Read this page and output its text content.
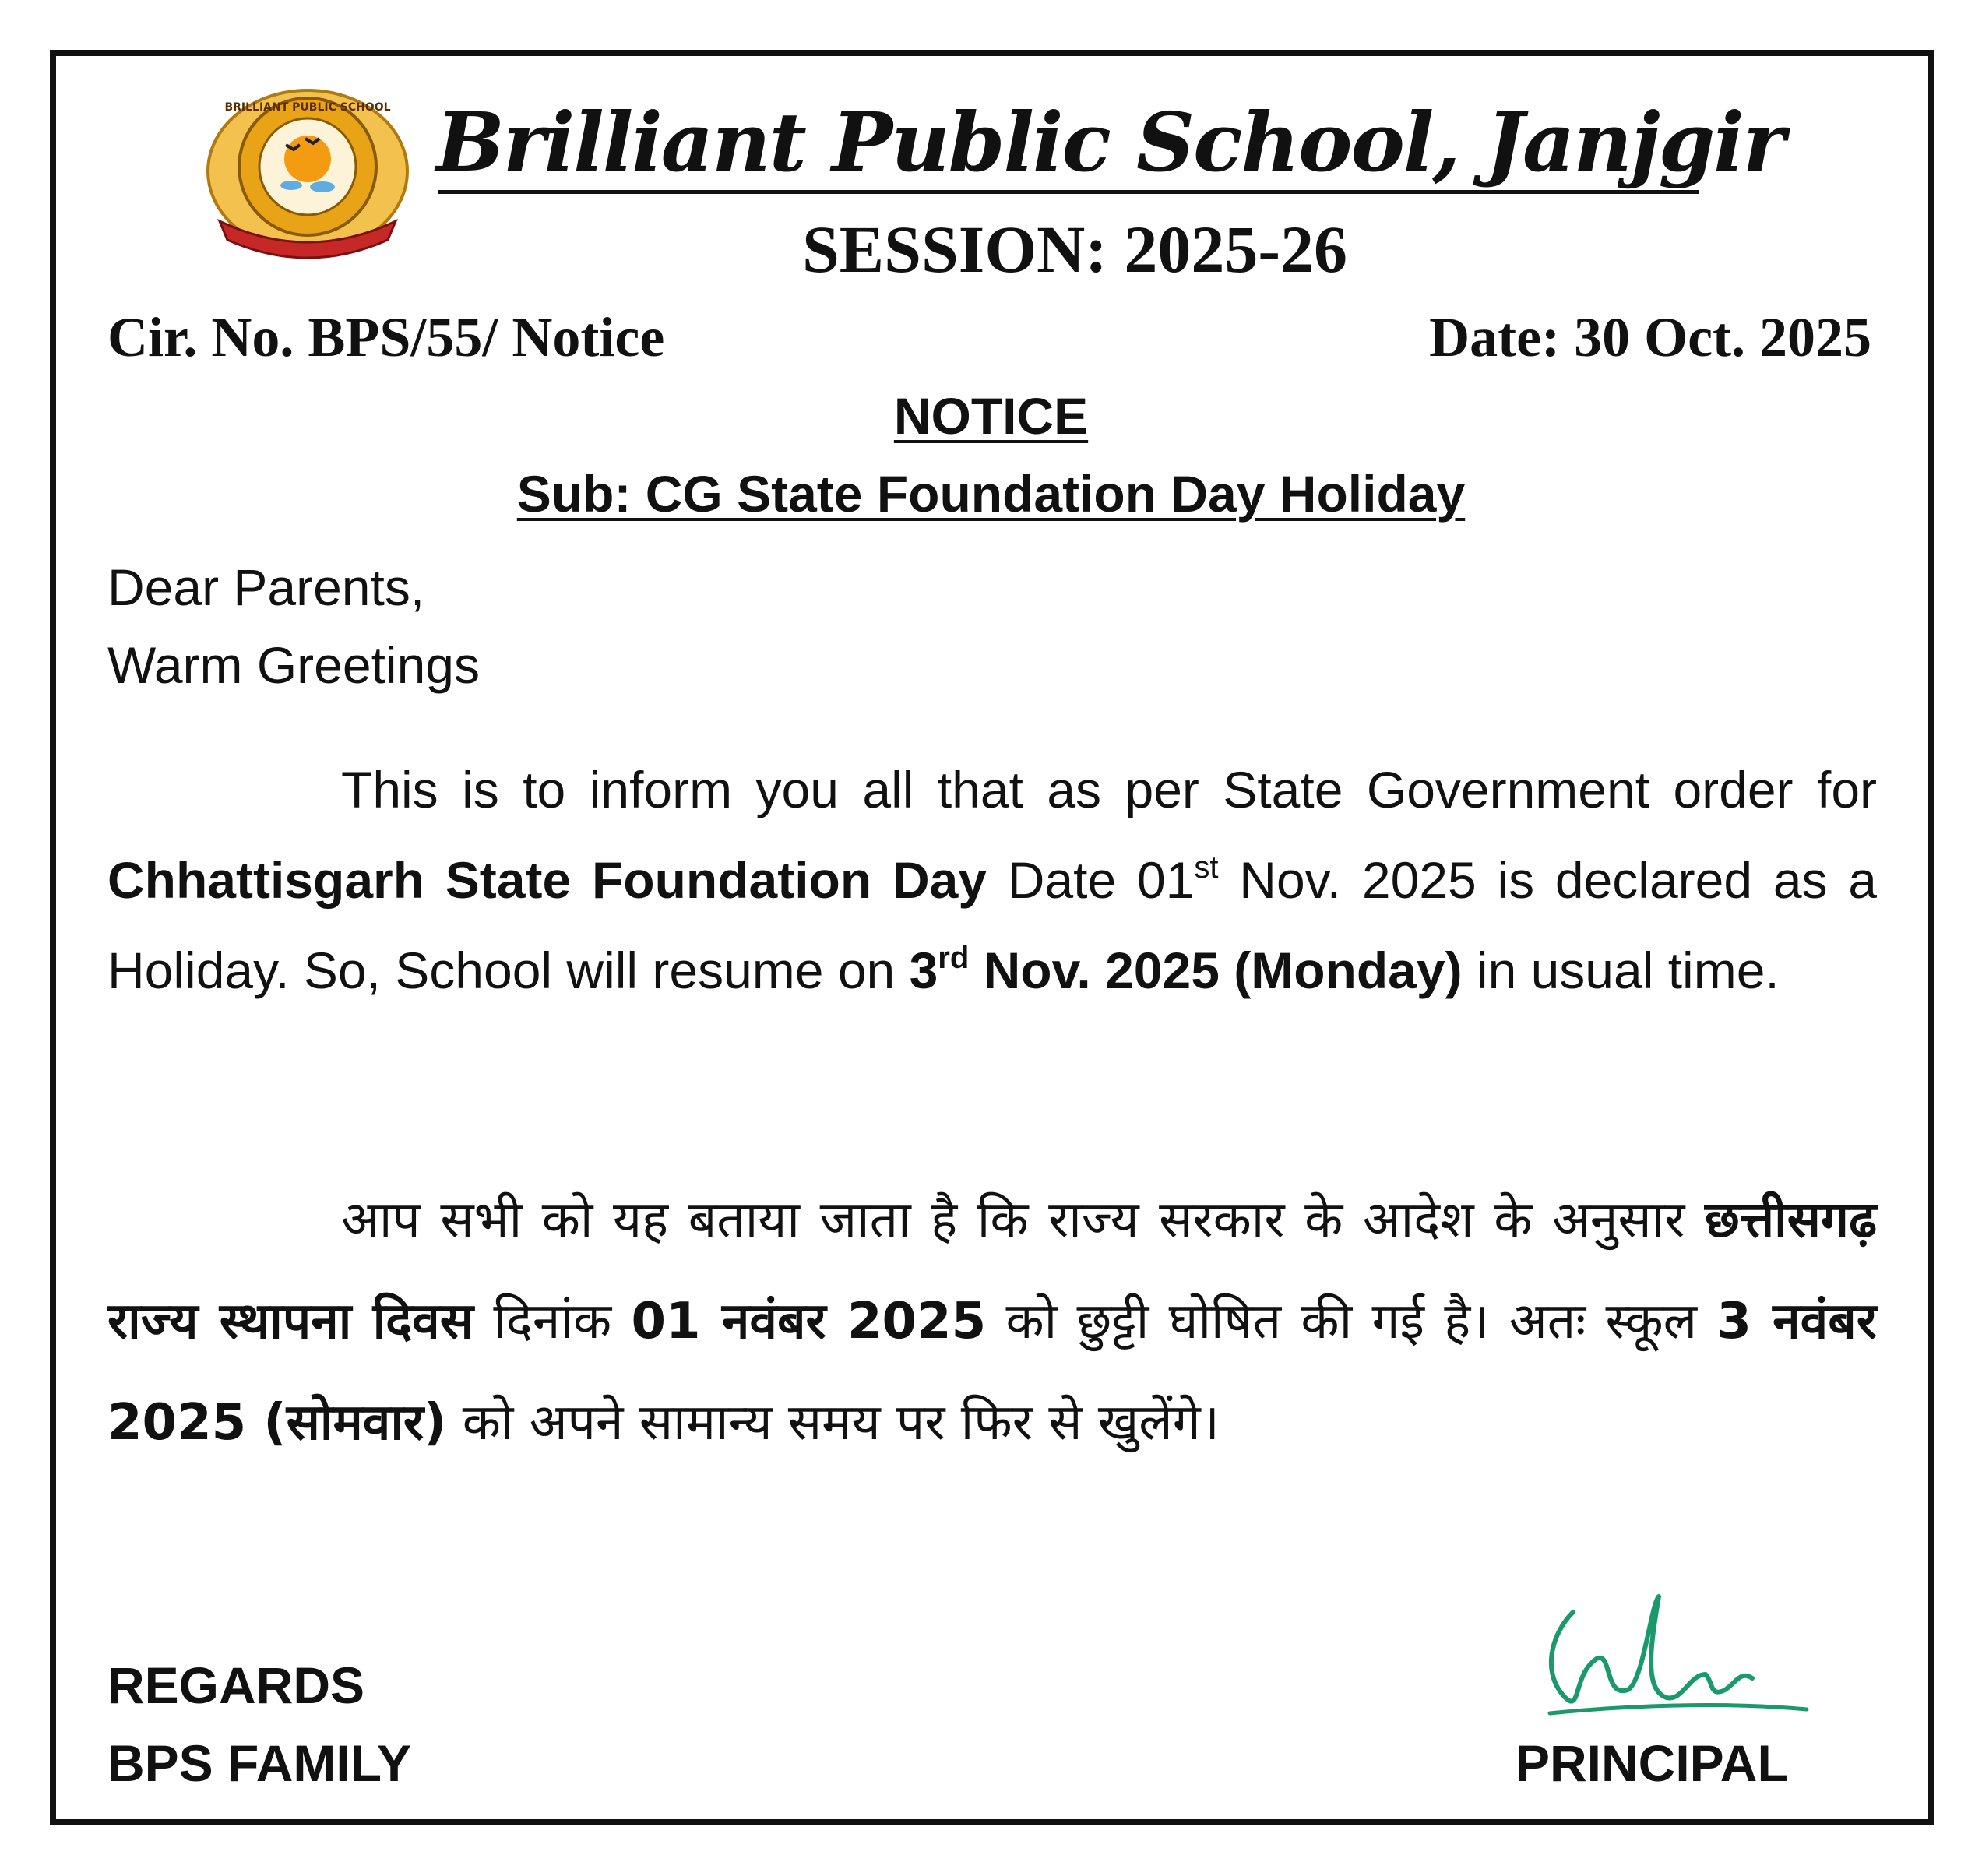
BRILLIANT PUBLIC SCHOOL Brilliant Public School, Janjgir
SESSION: 2025-26
Cir. No. BPS/55/ Notice	Date: 30 Oct. 2025
NOTICE
Sub: CG State Foundation Day Holiday
Dear Parents,
Warm Greetings
This is to inform you all that as per State Government order for Chhattisgarh State Foundation Day Date 01st Nov. 2025 is declared as a Holiday. So, School will resume on 3rd Nov. 2025 (Monday) in usual time.
आप सभी को यह बताया जाता है कि राज्य सरकार के आदेश के अनुसार छत्तीसगढ़ राज्य स्थापना दिवस दिनांक 01 नवंबर 2025 को छुट्टी घोषित की गई है। अतः स्कूल 3 नवंबर 2025 (सोमवार) को अपने सामान्य समय पर फिर से खुलेंगे।
REGARDS
BPS FAMILY	PRINCIPAL
